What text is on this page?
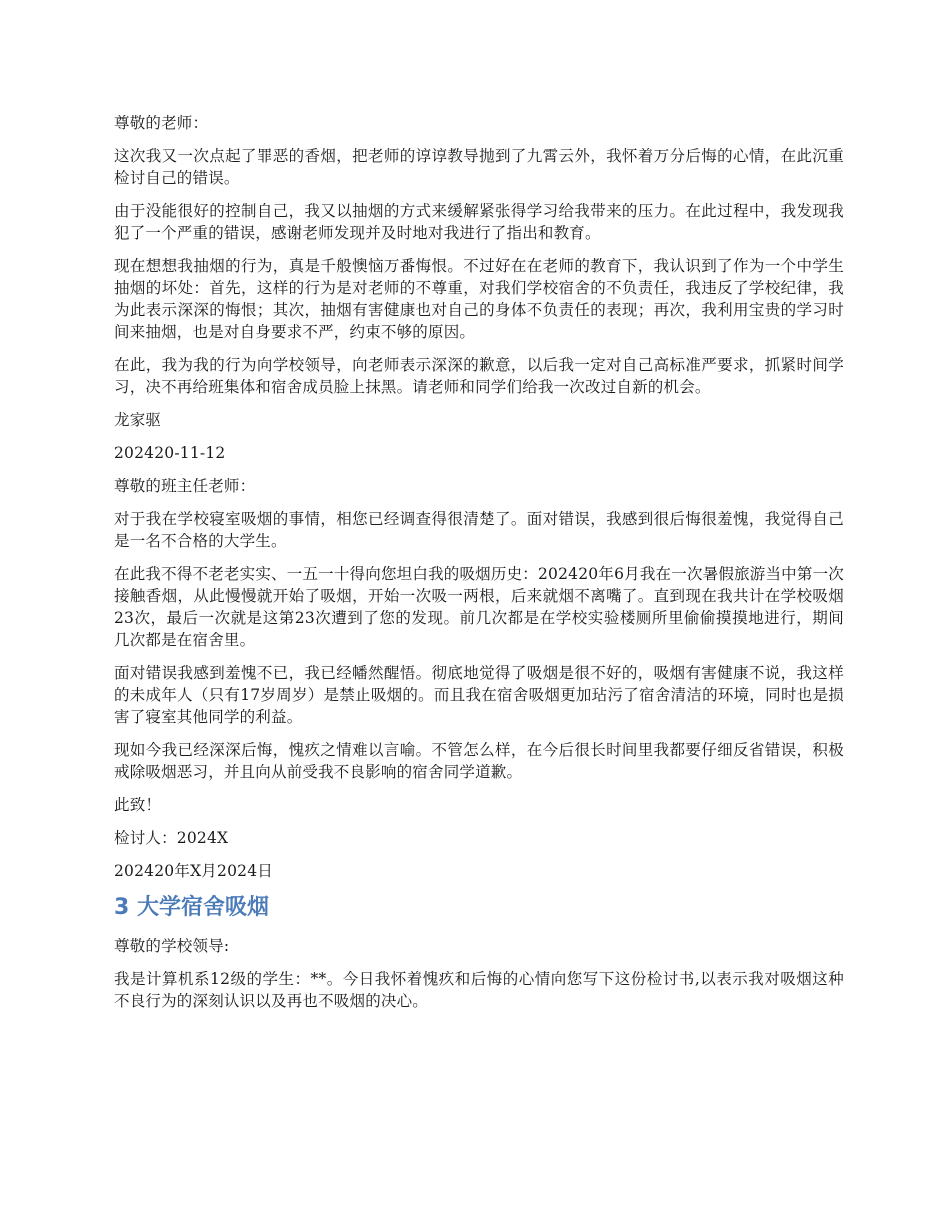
尊敬的老师：

这次我又一次点起了罪恶的香烟，把老师的谆谆教导抛到了九霄云外，我怀着万分后悔的心情，在此沉重检讨自己的错误。

由于没能很好的控制自己，我又以抽烟的方式来缓解紧张得学习给我带来的压力。在此过程中，我发现我犯了一个严重的错误，感谢老师发现并及时地对我进行了指出和教育。

现在想想我抽烟的行为，真是千般懊恼万番悔恨。不过好在在老师的教育下，我认识到了作为一个中学生抽烟的坏处：首先，这样的行为是对老师的不尊重，对我们学校宿舍的不负责任，我违反了学校纪律，我为此表示深深的悔恨；其次，抽烟有害健康也对自己的身体不负责任的表现；再次，我利用宝贵的学习时间来抽烟，也是对自身要求不严，约束不够的原因。

在此，我为我的行为向学校领导，向老师表示深深的歉意，以后我一定对自己高标准严要求，抓紧时间学习，决不再给班集体和宿舍成员脸上抹黑。请老师和同学们给我一次改过自新的机会。

龙家驱

202420-11-12

尊敬的班主任老师：

对于我在学校寝室吸烟的事情，相您已经调查得很清楚了。面对错误，我感到很后悔很羞愧，我觉得自己是一名不合格的大学生。

在此我不得不老老实实、一五一十得向您坦白我的吸烟历史：202420年6月我在一次暑假旅游当中第一次接触香烟，从此慢慢就开始了吸烟，开始一次吸一两根，后来就烟不离嘴了。直到现在我共计在学校吸烟23次，最后一次就是这第23次遭到了您的发现。前几次都是在学校实验楼厕所里偷偷摸摸地进行，期间几次都是在宿舍里。

面对错误我感到羞愧不已，我已经幡然醒悟。彻底地觉得了吸烟是很不好的，吸烟有害健康不说，我这样的未成年人（只有17岁周岁）是禁止吸烟的。而且我在宿舍吸烟更加玷污了宿舍清洁的环境，同时也是损害了寝室其他同学的利益。

现如今我已经深深后悔，愧疚之情难以言喻。不管怎么样，在今后很长时间里我都要仔细反省错误，积极戒除吸烟恶习，并且向从前受我不良影响的宿舍同学道歉。

此致！

检讨人：2024X

202420年X月2024日

3 大学宿舍吸烟

尊敬的学校领导:

我是计算机系12级的学生：**。今日我怀着愧疚和后悔的心情向您写下这份检讨书,以表示我对吸烟这种不良行为的深刻认识以及再也不吸烟的决心。
